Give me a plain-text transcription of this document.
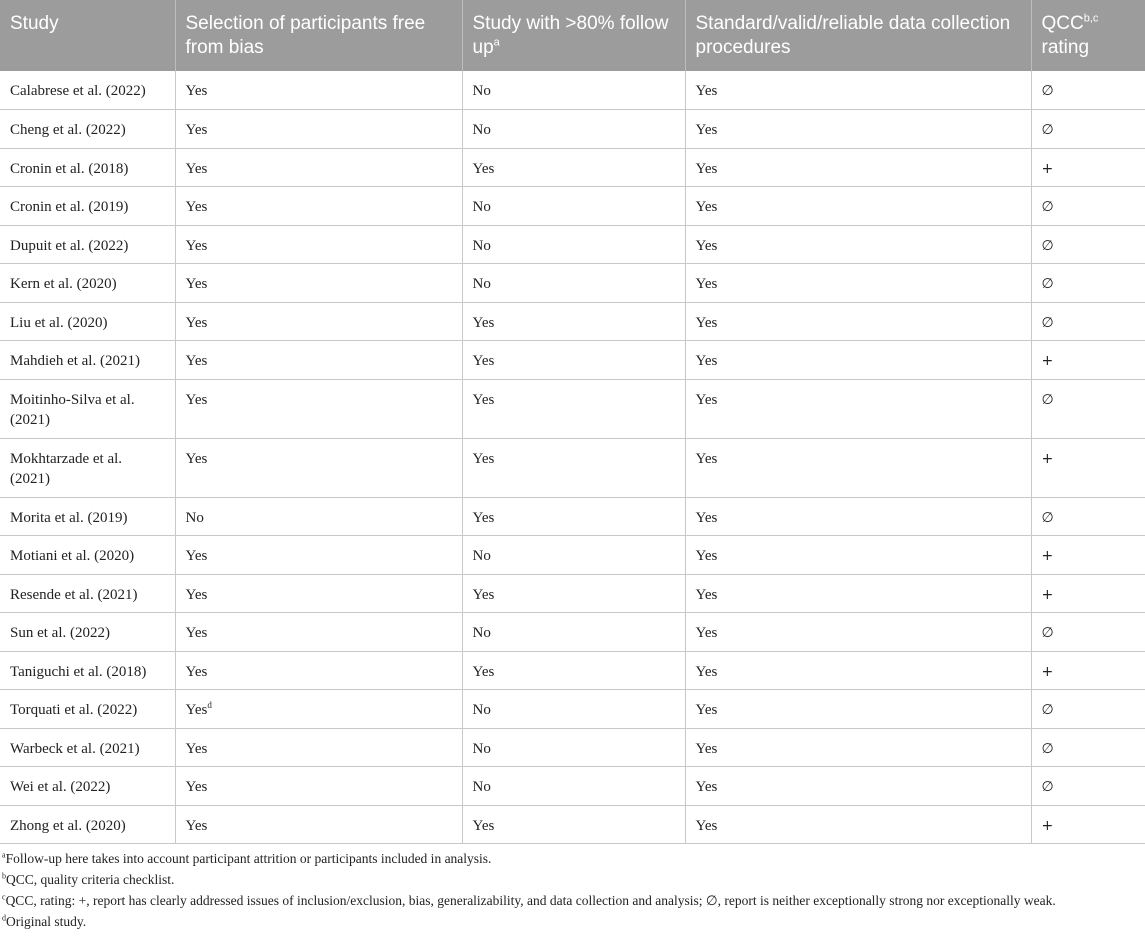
Study	Selection of participants free from bias	Study with >80% follow $up^a$	Standard/valid/reliable data collection procedures	QCC$^{b,c}$
rating
Calabrese et al. (2022)	Yes	No	Yes	∅
Cheng et al. (2022)	Yes	No	Yes	∅
Cronin et al. (2018)	Yes	Yes	Yes	+
Cronin et al. (2019)	Yes	No	Yes	∅
Dupuit et al. (2022)	Yes	No	Yes	∅
Kern et al. (2020)	Yes	No	Yes	∅
Liu et al. (2020)	Yes	Yes	Yes	∅
Mahdieh et al. (2021)	Yes	Yes	Yes	+
Moitinho-Silva et al. (2021)	Yes	Yes	Yes	∅
Mokhtarzade et al. (2021)	Yes	Yes	Yes	+
Morita et al. (2019)	No	Yes	Yes	∅
Motiani et al. (2020)	Yes	No	Yes	+
Resende et al. (2021)	Yes	Yes	Yes	+
Sun et al. (2022)	Yes	No	Yes	∅
Taniguchi et al. (2018)	Yes	Yes	Yes	+
Torquati et al. (2022)	Yes$^d$	No	Yes	∅
Warbeck et al. (2021)	Yes	No	Yes	∅
Wei et al. (2022)	Yes	No	Yes	∅
Zhong et al. (2020)	Yes	Yes	Yes	+

$^a$Follow-up here takes into account participant attrition or participants included in analysis.

$^b$QCC, quality criteria checklist.

$^c$QCC, rating: +, report has clearly addressed issues of inclusion/exclusion, bias, generalizability, and data collection and analysis; ∅, report is neither exceptionally strong nor exceptionally weak.

$^d$Original study.
